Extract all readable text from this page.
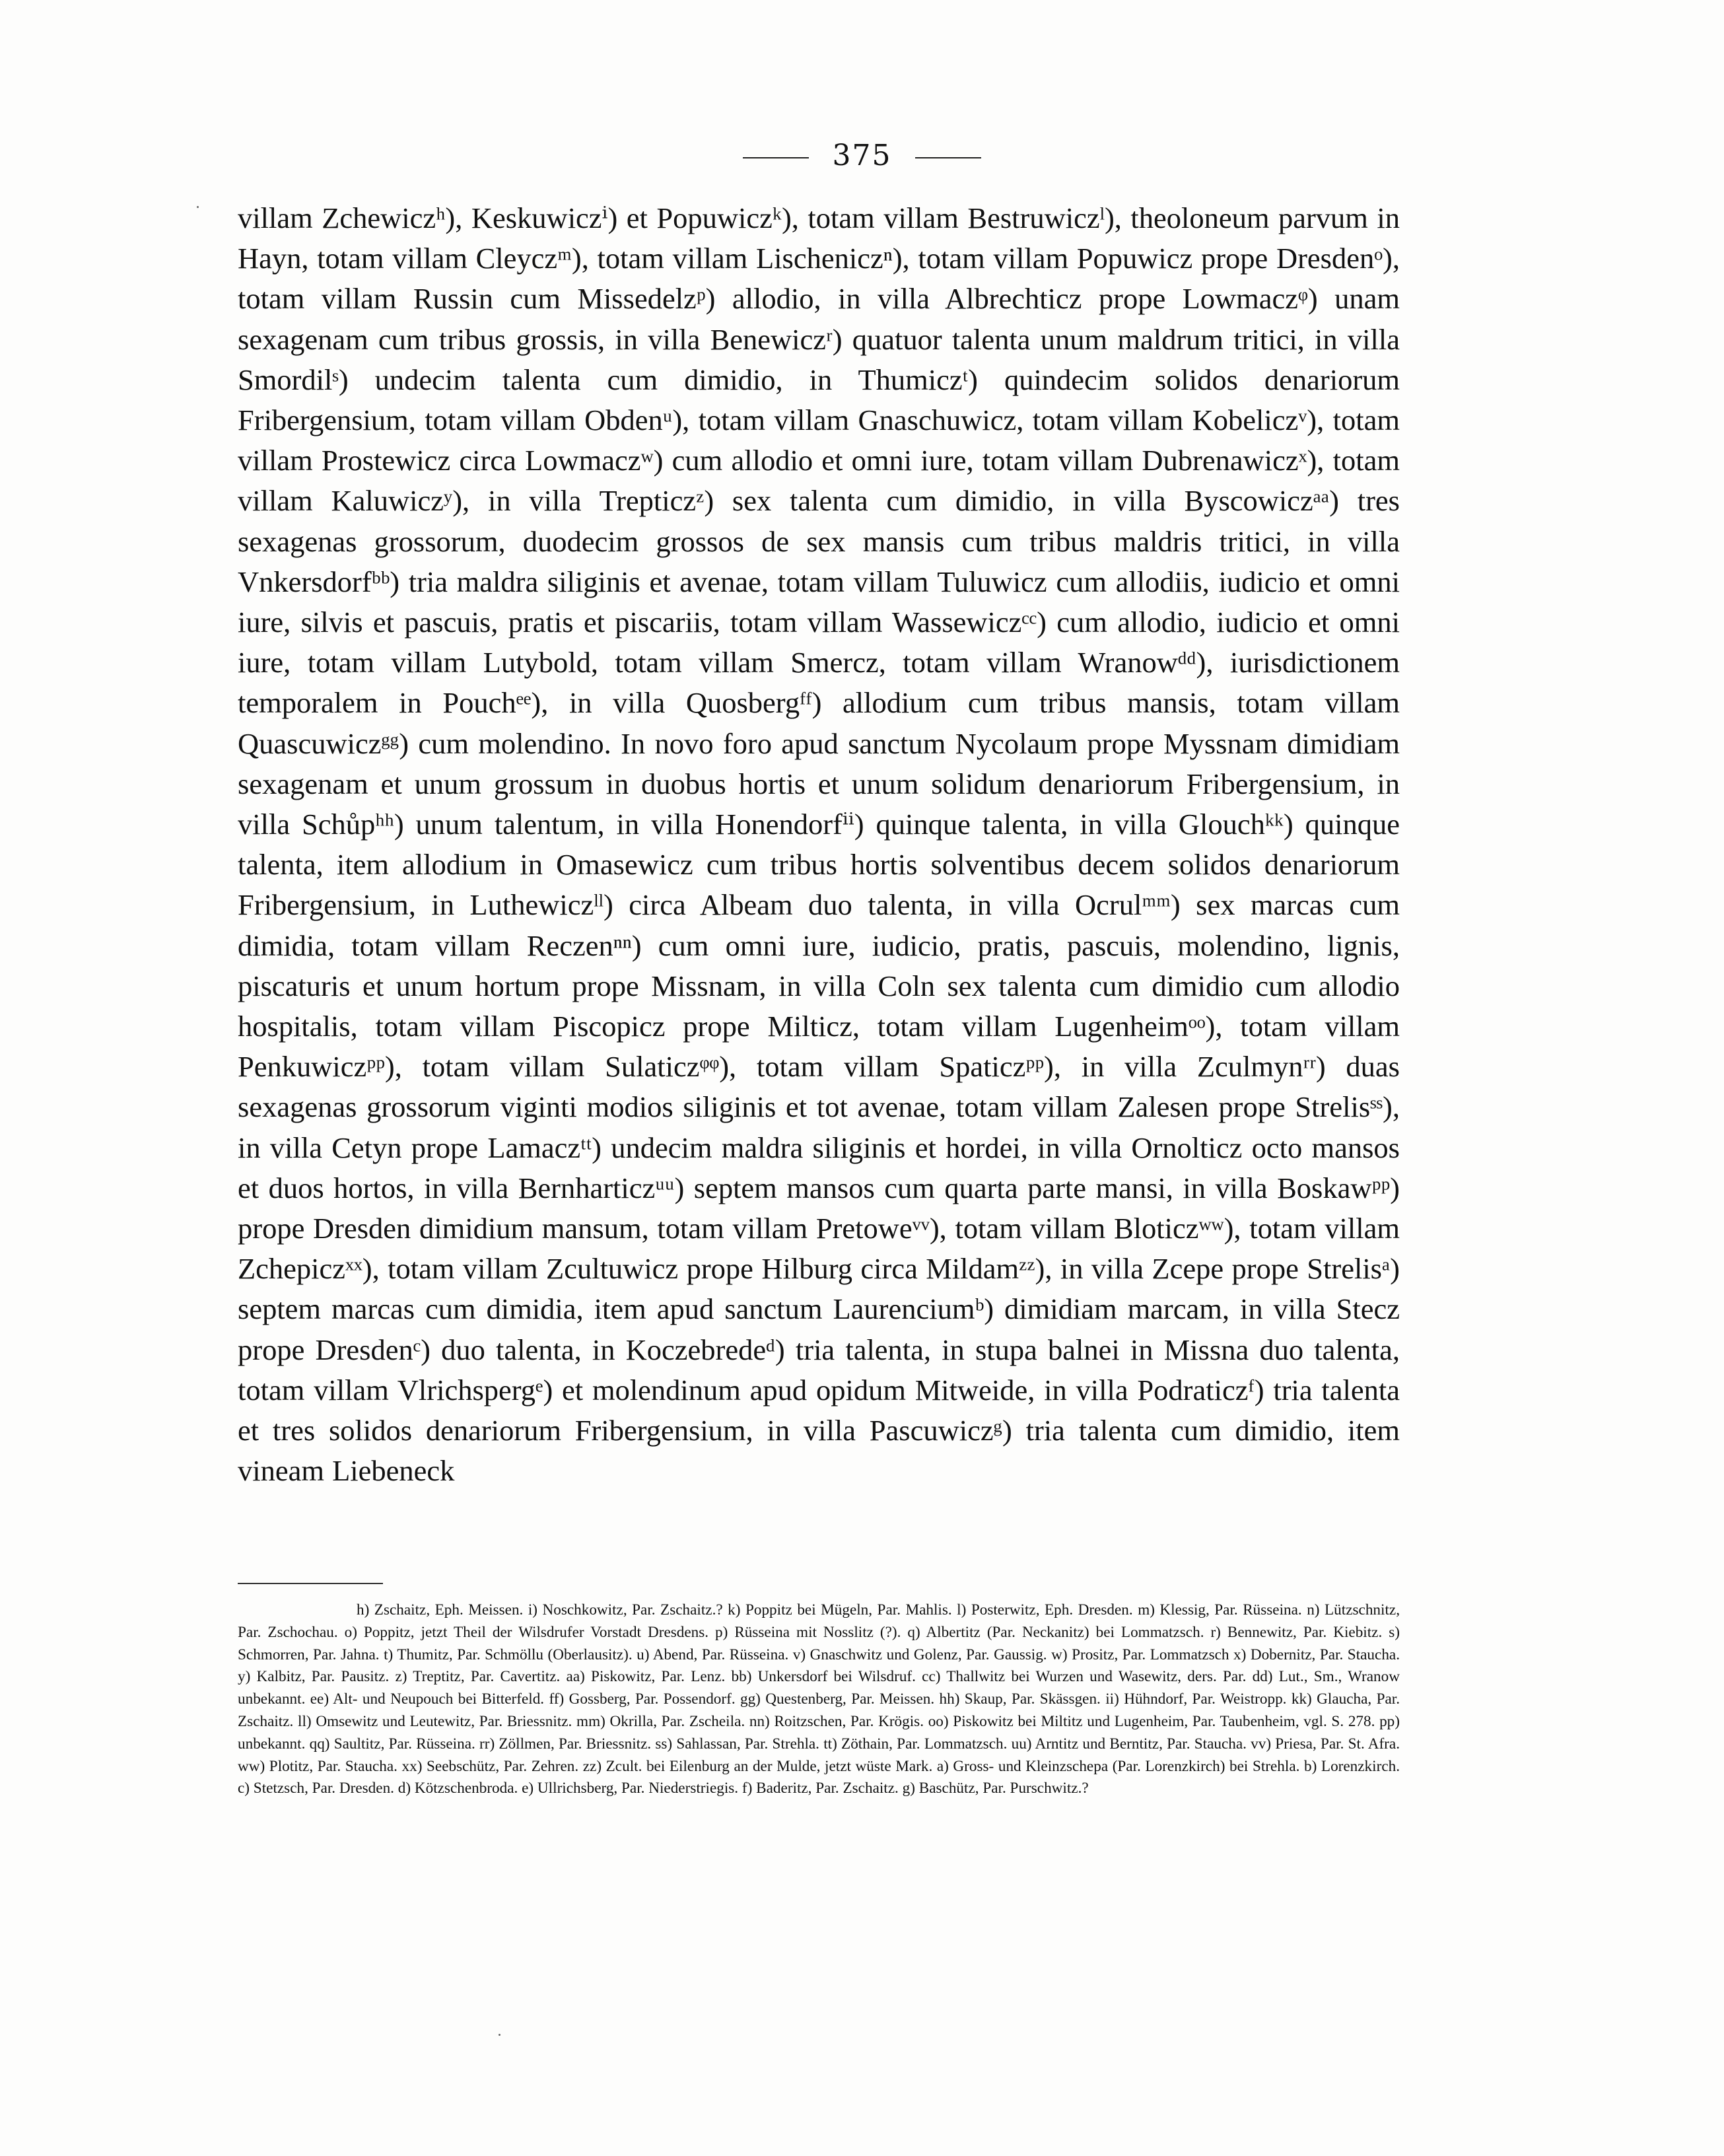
375

villam Zchewiczʰ), Keskuwiczⁱ) et Popuwiczᵏ), totam villam Bestruwiczˡ), theoloneum parvum in Hayn, totam villam Cleyczᵐ), totam villam Lischeniczⁿ), totam villam Popuwicz prope Dresdenᵒ), totam villam Russin cum Missedelzᵖ) allodio, in villa Albrechticz prope Lowmaczᵠ) unam sexagenam cum tribus grossis, in villa Benewiczʳ) quatuor talenta unum maldrum tritici, in villa Smordilˢ) undecim talenta cum dimidio, in Thumiczᵗ) quindecim solidos denariorum Fribergensium, totam villam Obdenᵘ), totam villam Gnaschuwicz, totam villam Kobeliczᵛ), totam villam Prostewicz circa Lowmaczʷ) cum allodio et omni iure, totam villam Dubrenawiczˣ), totam villam Kaluwiczʸ), in villa Trepticzᶻ) sex talenta cum dimidio, in villa Byscowiczᵃᵃ) tres sexagenas grossorum, duodecim grossos de sex mansis cum tribus maldris tritici, in villa Vnkersdorfᵇᵇ) tria maldra siliginis et avenae, totam villam Tuluwicz cum allodiis, iudicio et omni iure, silvis et pascuis, pratis et piscariis, totam villam Wassewiczᶜᶜ) cum allodio, iudicio et omni iure, totam villam Lutybold, totam villam Smercz, totam villam Wranowᵈᵈ), iurisdictionem temporalem in Pouchᵉᵉ), in villa Quosbergᶠᶠ) allodium cum tribus mansis, totam villam Quascuwiczᵍᵍ) cum molendino. In novo foro apud sanctum Nycolaum prope Myssnam dimidiam sexagenam et unum grossum in duobus hortis et unum solidum denariorum Fribergensium, in villa Schůpʰʰ) unum talentum, in villa Honendorfⁱⁱ) quinque talenta, in villa Glouchᵏᵏ) quinque talenta, item allodium in Omasewicz cum tribus hortis solventibus decem solidos denariorum Fribergensium, in Luthewiczˡˡ) circa Albeam duo talenta, in villa Ocrulᵐᵐ) sex marcas cum dimidia, totam villam Reczenⁿⁿ) cum omni iure, iudicio, pratis, pascuis, molendino, lignis, piscaturis et unum hortum prope Missnam, in villa Coln sex talenta cum dimidio cum allodio hospitalis, totam villam Piscopicz prope Milticz, totam villam Lugenheimᵒᵒ), totam villam Penkuwiczᵖᵖ), totam villam Sulaticzᵠᵠ), totam villam Spaticzᵖᵖ), in villa Zculmynʳʳ) duas sexagenas grossorum viginti modios siliginis et tot avenae, totam villam Zalesen prope Strelisˢˢ), in villa Cetyn prope Lamaczᵗᵗ) undecim maldra siliginis et hordei, in villa Ornolticz octo mansos et duos hortos, in villa Bernharticzᵘᵘ) septem mansos cum quarta parte mansi, in villa Boskawᵖᵖ) prope Dresden dimidium mansum, totam villam Pretoweᵛᵛ), totam villam Bloticzʷʷ), totam villam Zchepiczˣˣ), totam villam Zcultuwicz prope Hilburg circa Mildamᶻᶻ), in villa Zcepe prope Strelisᵃ) septem marcas cum dimidia, item apud sanctum Laurenciumᵇ) dimidiam marcam, in villa Stecz prope Dresdenᶜ) duo talenta, in Koczebredeᵈ) tria talenta, in stupa balnei in Missna duo talenta, totam villam Vlrichspergᵉ) et molendinum apud opidum Mitweide, in villa Podraticzᶠ) tria talenta et tres solidos denariorum Fribergensium, in villa Pascuwiczᵍ) tria talenta cum dimidio, item vineam Liebeneck

h) Zschaitz, Eph. Meissen. i) Noschkowitz, Par. Zschaitz.? k) Poppitz bei Mügeln, Par. Mahlis. l) Posterwitz, Eph. Dresden. m) Klessig, Par. Rüsseina. n) Lützschnitz, Par. Zschochau. o) Poppitz, jetzt Theil der Wilsdrufer Vorstadt Dresdens. p) Rüsseina mit Nosslitz (?). q) Albertitz (Par. Neckanitz) bei Lommatzsch. r) Bennewitz, Par. Kiebitz. s) Schmorren, Par. Jahna. t) Thumitz, Par. Schmöllu (Oberlausitz). u) Abend, Par. Rüsseina. v) Gnaschwitz und Golenz, Par. Gaussig. w) Prositz, Par. Lommatzsch x) Dobernitz, Par. Staucha. y) Kalbitz, Par. Pausitz. z) Treptitz, Par. Cavertitz. aa) Piskowitz, Par. Lenz. bb) Unkersdorf bei Wilsdruf. cc) Thallwitz bei Wurzen und Wasewitz, ders. Par. dd) Lut., Sm., Wranow unbekannt. ee) Alt- und Neupouch bei Bitterfeld. ff) Gossberg, Par. Possendorf. gg) Questenberg, Par. Meissen. hh) Skaup, Par. Skässgen. ii) Hühndorf, Par. Weistropp. kk) Glaucha, Par. Zschaitz. ll) Omsewitz und Leutewitz, Par. Briessnitz. mm) Okrilla, Par. Zscheila. nn) Roitzschen, Par. Krögis. oo) Piskowitz bei Miltitz und Lugenheim, Par. Taubenheim, vgl. S. 278. pp) unbekannt. qq) Saultitz, Par. Rüsseina. rr) Zöllmen, Par. Briessnitz. ss) Sahlassan, Par. Strehla. tt) Zöthain, Par. Lommatzsch. uu) Arntitz und Berntitz, Par. Staucha. vv) Priesa, Par. St. Afra. ww) Plotitz, Par. Staucha. xx) Seebschütz, Par. Zehren. zz) Zcult. bei Eilenburg an der Mulde, jetzt wüste Mark. a) Gross- und Kleinzschepa (Par. Lorenzkirch) bei Strehla. b) Lorenzkirch. c) Stetzsch, Par. Dresden. d) Kötzschenbroda. e) Ullrichsberg, Par. Niederstriegis. f) Baderitz, Par. Zschaitz. g) Baschütz, Par. Purschwitz.?
